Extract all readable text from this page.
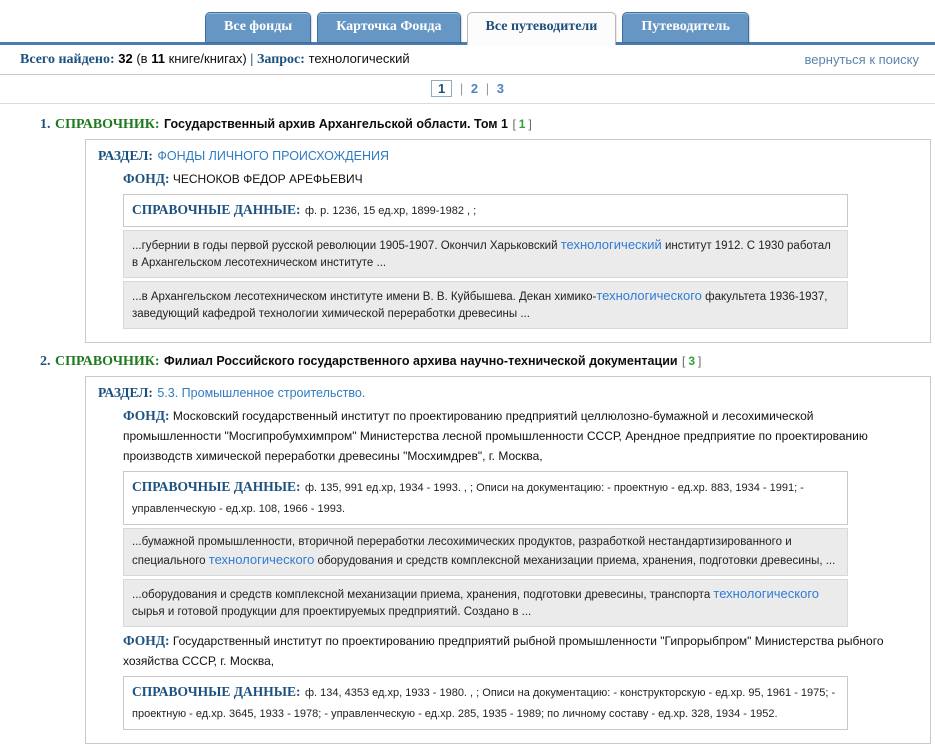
Все фонды	Карточка Фонда	Все путеводители	Путеводитель
Всего найдено: 32 (в 11 книге/книгах) | Запрос: технологический	вернуться к поиску
1 | 2 | 3
1. СПРАВОЧНИК: Государственный архив Архангельской области. Том 1 [ 1 ]
РАЗДЕЛ: ФОНДЫ ЛИЧНОГО ПРОИСХОЖДЕНИЯ

ФОНД: ЧЕСНОКОВ ФЕДОР АРЕФЬЕВИЧ

СПРАВОЧНЫЕ ДАННЫЕ: ф. р. 1236, 15 ед.хр, 1899-1982 , ;
...губернии в годы первой русской революции 1905-1907. Окончил Харьковский технологический институт 1912. С 1930 работал в Архангельском лесотехническом институте ...
...в Архангельском лесотехническом институте имени В. В. Куйбышева. Декан химико-технологического факультета 1936-1937, заведующий кафедрой технологии химической переработки древесины ...
2. СПРАВОЧНИК: Филиал Российского государственного архива научно-технической документации [ 3 ]
РАЗДЕЛ: 5.3. Промышленное строительство.

ФОНД: Московский государственный институт по проектированию предприятий целлюлозно-бумажной и лесохимической промышленности "Мосгипробумхимпром" Министерства лесной промышленности СССР, Арендное предприятие по проектированию производств химической переработки древесины "Мосхимдрев", г. Москва,

СПРАВОЧНЫЕ ДАННЫЕ: ф. 135, 991 ед.хр, 1934 - 1993. , ; Описи на документацию: - проектную - ед.хр. 883, 1934 - 1991; - управленческую - ед.хр. 108, 1966 - 1993.
...бумажной промышленности, вторичной переработки лесохимических продуктов, разработкой нестандартизированного и специального технологического оборудования и средств комплексной механизации приема, хранения, подготовки древесины, ...
...оборудования и средств комплексной механизации приема, хранения, подготовки древесины, транспорта технологического сырья и готовой продукции для проектируемых предприятий. Создано в ...

ФОНД: Государственный институт по проектированию предприятий рыбной промышленности "Гипрорыбпром" Министерства рыбного хозяйства СССР, г. Москва,

СПРАВОЧНЫЕ ДАННЫЕ: ф. 134, 4353 ед.хр, 1933 - 1980. , ; Описи на документацию: - конструкторскую - ед.хр. 95, 1961 - 1975; - проектную - ед.хр. 3645, 1933 - 1978; - управленческую - ед.хр. 285, 1935 - 1989; по личному составу - ед.хр. 328, 1934 - 1952.
